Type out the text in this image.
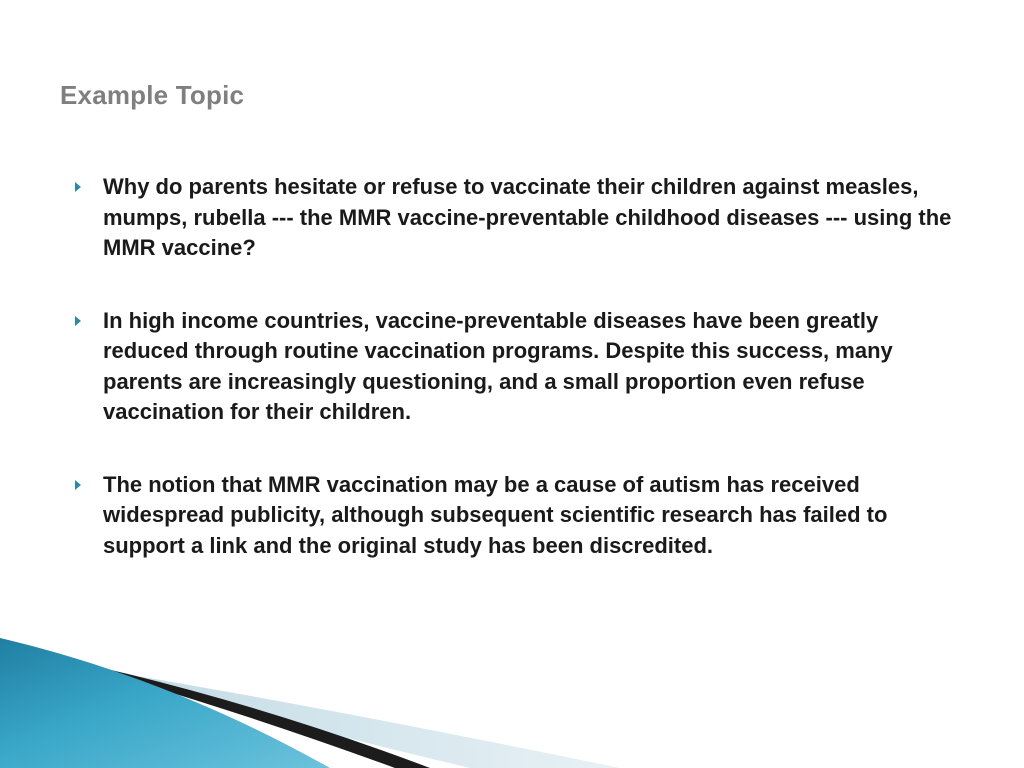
Example Topic
Why do parents hesitate or refuse to vaccinate their children against measles, mumps, rubella --- the MMR vaccine-preventable childhood diseases --- using the MMR vaccine?
In high income countries, vaccine-preventable diseases have been greatly reduced through routine vaccination programs. Despite this success, many parents are increasingly questioning, and a small proportion even refuse vaccination for their children.
The notion that MMR vaccination may be a cause of autism has received widespread publicity, although subsequent scientific research has failed to support a link and the original study has been discredited.
